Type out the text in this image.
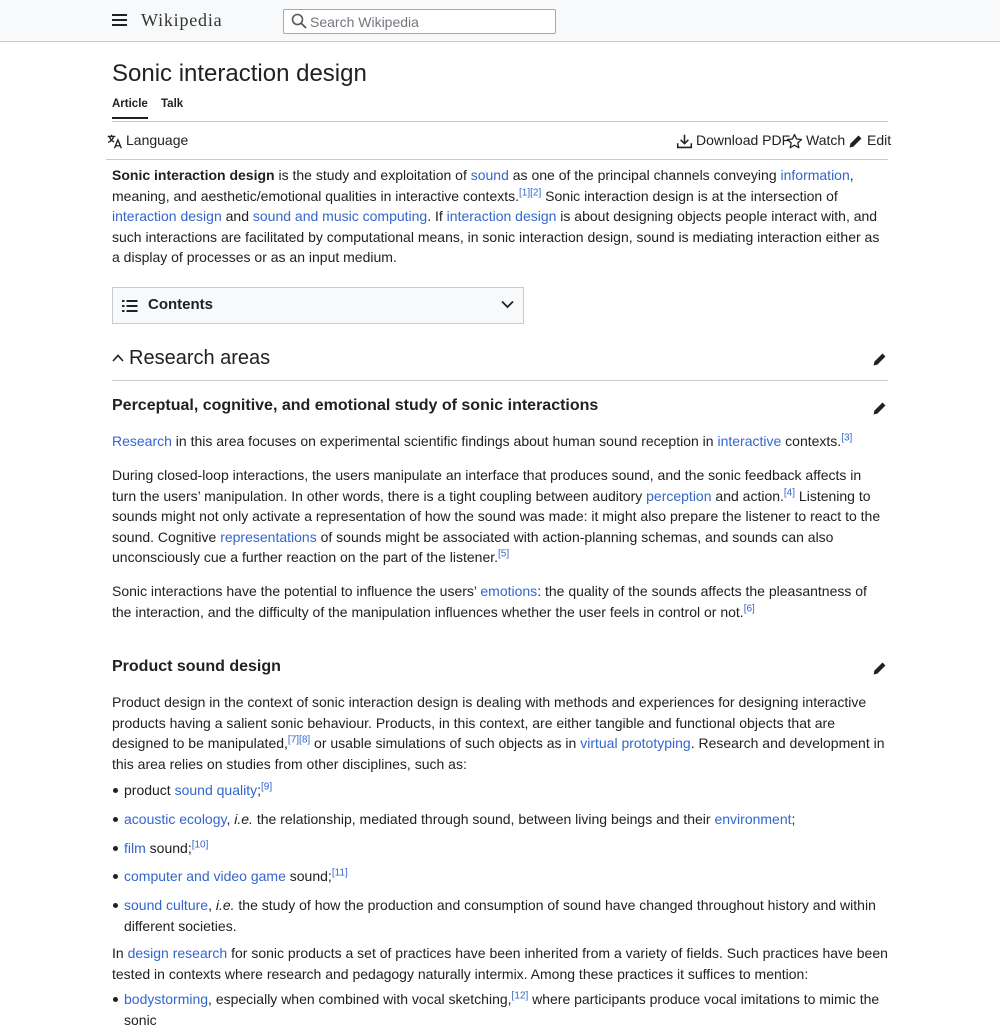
Wikipedia
Search Wikipedia
Sonic interaction design
Article Talk
Language	Download PDF	Watch	Edit

Sonic interaction design is the study and exploitation of sound as one of the principal channels conveying information, meaning, and aesthetic/emotional qualities in interactive contexts.[1][2] Sonic interaction design is at the intersection of interaction design and sound and music computing. If interaction design is about designing objects people interact with, and such interactions are facilitated by computational means, in sonic interaction design, sound is mediating interaction either as a display of processes or as an input medium.

Contents
Research areas
Perceptual, cognitive, and emotional study of sonic interactions

Research in this area focuses on experimental scientific findings about human sound reception in interactive contexts.[3]

During closed-loop interactions, the users manipulate an interface that produces sound, and the sonic feedback affects in turn the users’ manipulation. In other words, there is a tight coupling between auditory perception and action.[4] Listening to sounds might not only activate a representation of how the sound was made: it might also prepare the listener to react to the sound. Cognitive representations of sounds might be associated with action-planning schemas, and sounds can also unconsciously cue a further reaction on the part of the listener.[5]

Sonic interactions have the potential to influence the users’ emotions: the quality of the sounds affects the pleasantness of the interaction, and the difficulty of the manipulation influences whether the user feels in control or not.[6]

Product sound design

Product design in the context of sonic interaction design is dealing with methods and experiences for designing interactive products having a salient sonic behaviour. Products, in this context, are either tangible and functional objects that are designed to be manipulated,[7][8] or usable simulations of such objects as in virtual prototyping. Research and development in this area relies on studies from other disciplines, such as:

product sound quality;[9]
acoustic ecology, i.e. the relationship, mediated through sound, between living beings and their environment;
film sound;[10]
computer and video game sound;[11]
sound culture, i.e. the study of how the production and consumption of sound have changed throughout history and within different societies.

In design research for sonic products a set of practices have been inherited from a variety of fields. Such practices have been tested in contexts where research and pedagogy naturally intermix. Among these practices it suffices to mention:

bodystorming, especially when combined with vocal sketching,[12] where participants produce vocal imitations to mimic the sonic
